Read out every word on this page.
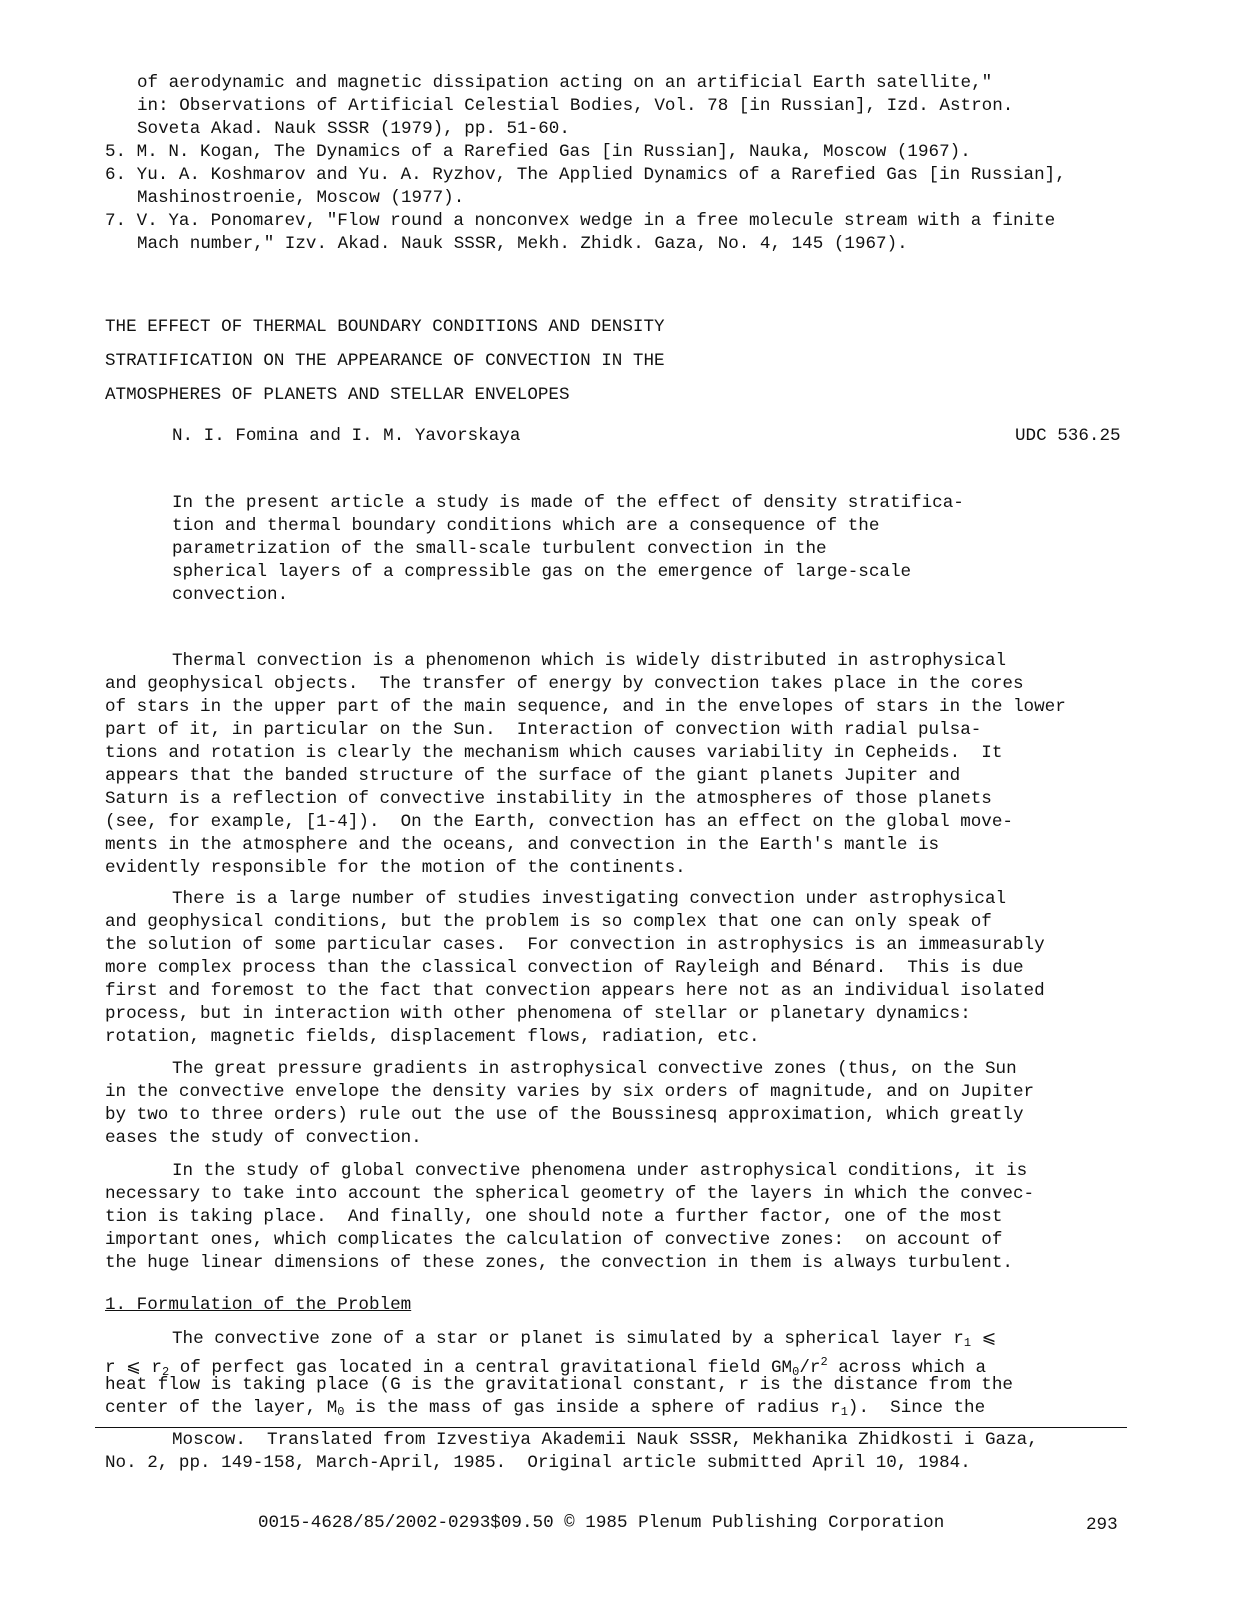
of aerodynamic and magnetic dissipation acting on an artificial Earth satellite,"
in: Observations of Artificial Celestial Bodies, Vol. 78 [in Russian], Izd. Astron.
Soveta Akad. Nauk SSSR (1979), pp. 51-60.
5. M. N. Kogan, The Dynamics of a Rarefied Gas [in Russian], Nauka, Moscow (1967).
6. Yu. A. Koshmarov and Yu. A. Ryzhov, The Applied Dynamics of a Rarefied Gas [in Russian],
Mashinostroenie, Moscow (1977).
7. V. Ya. Ponomarev, "Flow round a nonconvex wedge in a free molecule stream with a finite
Mach number," Izv. Akad. Nauk SSSR, Mekh. Zhidk. Gaza, No. 4, 145 (1967).
THE EFFECT OF THERMAL BOUNDARY CONDITIONS AND DENSITY
STRATIFICATION ON THE APPEARANCE OF CONVECTION IN THE
ATMOSPHERES OF PLANETS AND STELLAR ENVELOPES
N. I. Fomina and I. M. Yavorskaya	UDC 536.25
In the present article a study is made of the effect of density stratifica-
tion and thermal boundary conditions which are a consequence of the
parametrization of the small-scale turbulent convection in the
spherical layers of a compressible gas on the emergence of large-scale
convection.
Thermal convection is a phenomenon which is widely distributed in astrophysical
and geophysical objects.  The transfer of energy by convection takes place in the cores
of stars in the upper part of the main sequence, and in the envelopes of stars in the lower
part of it, in particular on the Sun.  Interaction of convection with radial pulsa-
tions and rotation is clearly the mechanism which causes variability in Cepheids.  It
appears that the banded structure of the surface of the giant planets Jupiter and
Saturn is a reflection of convective instability in the atmospheres of those planets
(see, for example, [1-4]).  On the Earth, convection has an effect on the global move-
ments in the atmosphere and the oceans, and convection in the Earth's mantle is
evidently responsible for the motion of the continents.
There is a large number of studies investigating convection under astrophysical
and geophysical conditions, but the problem is so complex that one can only speak of
the solution of some particular cases.  For convection in astrophysics is an immeasurably
more complex process than the classical convection of Rayleigh and Bénard.  This is due
first and foremost to the fact that convection appears here not as an individual isolated
process, but in interaction with other phenomena of stellar or planetary dynamics:
rotation, magnetic fields, displacement flows, radiation, etc.
The great pressure gradients in astrophysical convective zones (thus, on the Sun
in the convective envelope the density varies by six orders of magnitude, and on Jupiter
by two to three orders) rule out the use of the Boussinesq approximation, which greatly
eases the study of convection.
In the study of global convective phenomena under astrophysical conditions, it is
necessary to take into account the spherical geometry of the layers in which the convec-
tion is taking place.  And finally, one should note a further factor, one of the most
important ones, which complicates the calculation of convective zones:  on account of
the huge linear dimensions of these zones, the convection in them is always turbulent.
1. Formulation of the Problem
The convective zone of a star or planet is simulated by a spherical layer $r_1$ ⩽
r ⩽ $r_2$ of perfect gas located in a central gravitational field $GM_0/r^2$ across which a
heat flow is taking place (G is the gravitational constant, r is the distance from the
center of the layer, $M_0$ is the mass of gas inside a sphere of radius $r_1$).  Since the
Moscow.  Translated from Izvestiya Akademii Nauk SSSR, Mekhanika Zhidkosti i Gaza,
No. 2, pp. 149-158, March-April, 1985.  Original article submitted April 10, 1984.
0015-4628/85/2002-0293$09.50 © 1985 Plenum Publishing Corporation	293
